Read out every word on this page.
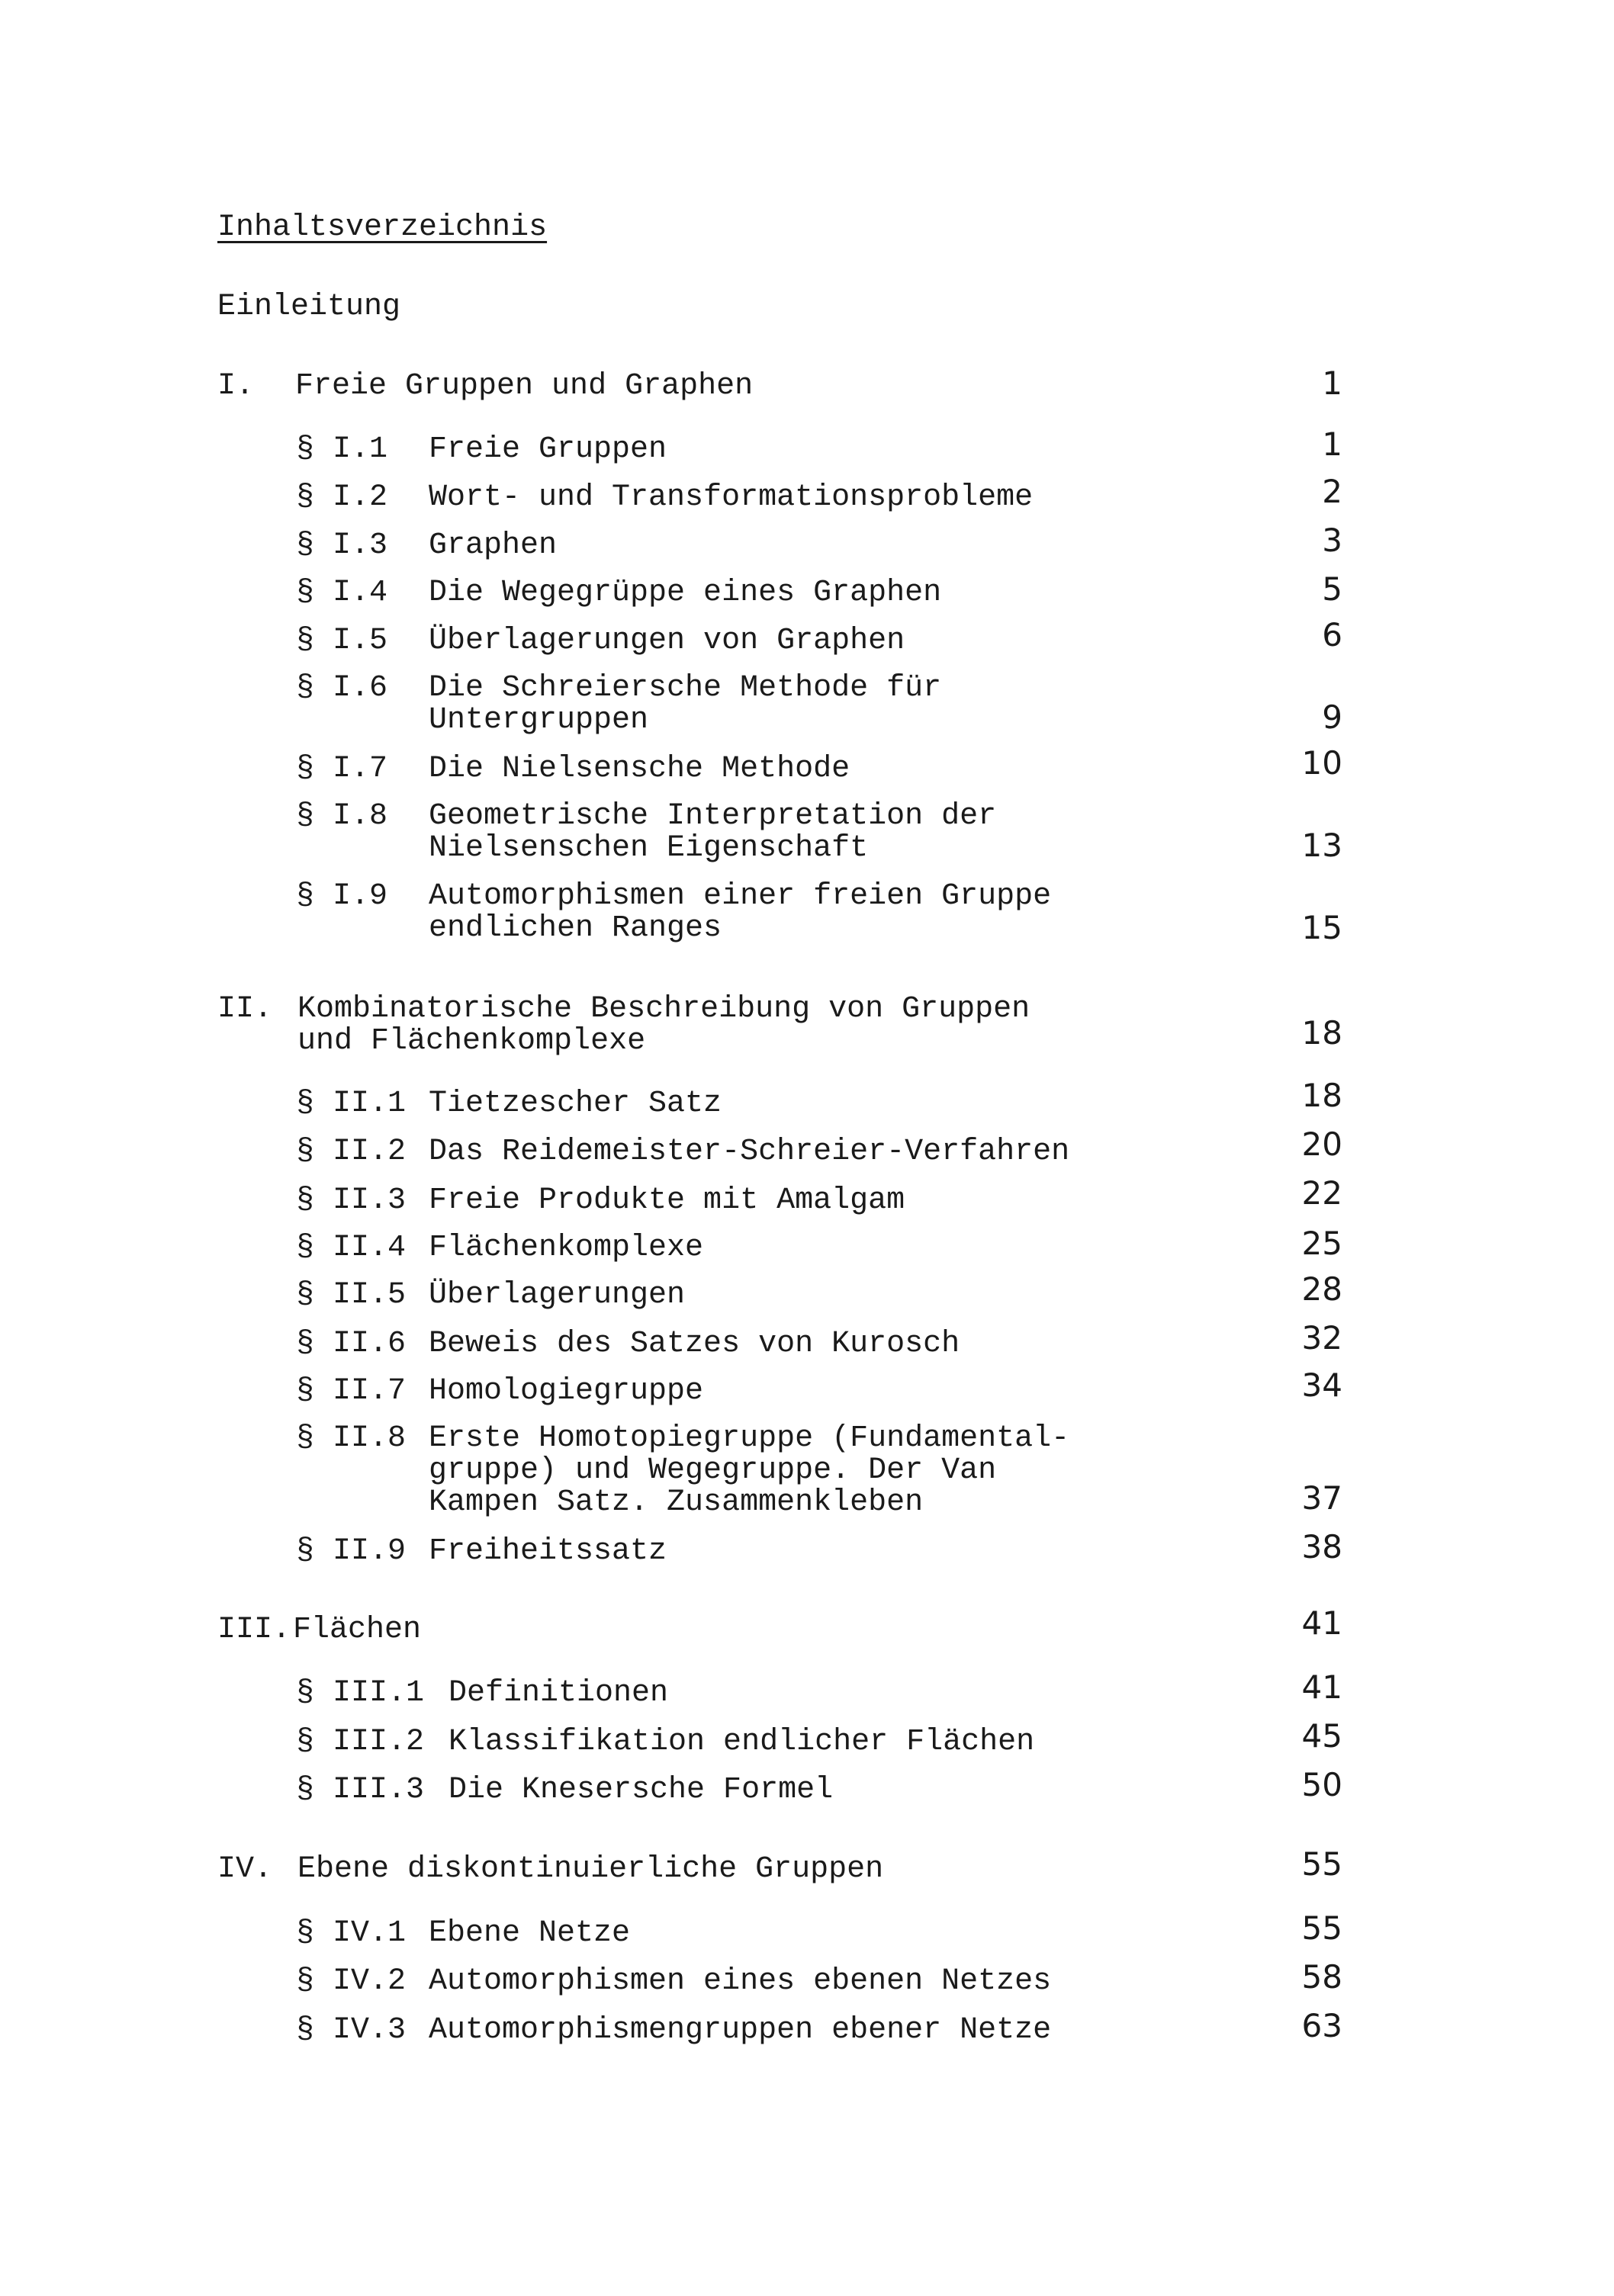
Inhaltsverzeichnis
Einleitung
I. Freie Gruppen und Graphen	1
§ I.1 Freie Gruppen	1
§ I.2 Wort- und Transformationsprobleme	2
§ I.3 Graphen	3
§ I.4 Die Wegegrüppe eines Graphen	5
§ I.5 Überlagerungen von Graphen	6
§ I.6 Die Schreiersche Methode für
Untergruppen	9
§ I.7 Die Nielsensche Methode	10
§ I.8 Geometrische Interpretation der
Nielsenschen Eigenschaft	13
§ I.9 Automorphismen einer freien Gruppe
endlichen Ranges	15
II. Kombinatorische Beschreibung von Gruppen
und Flächenkomplexe	18
§ II.1 Tietzescher Satz	18
§ II.2 Das Reidemeister-Schreier-Verfahren	20
§ II.3 Freie Produkte mit Amalgam	22
§ II.4 Flächenkomplexe	25
§ II.5 Überlagerungen	28
§ II.6 Beweis des Satzes von Kurosch	32
§ II.7 Homologiegruppe	34
§ II.8 Erste Homotopiegruppe (Fundamental-
gruppe) und Wegegruppe. Der Van
Kampen Satz. Zusammenkleben	37
§ II.9 Freiheitssatz	38
III. Flächen	41
§ III.1 Definitionen	41
§ III.2 Klassifikation endlicher Flächen	45
§ III.3 Die Knesersche Formel	50
IV. Ebene diskontinuierliche Gruppen	55
§ IV.1 Ebene Netze	55
§ IV.2 Automorphismen eines ebenen Netzes	58
§ IV.3 Automorphismengruppen ebener Netze	63
